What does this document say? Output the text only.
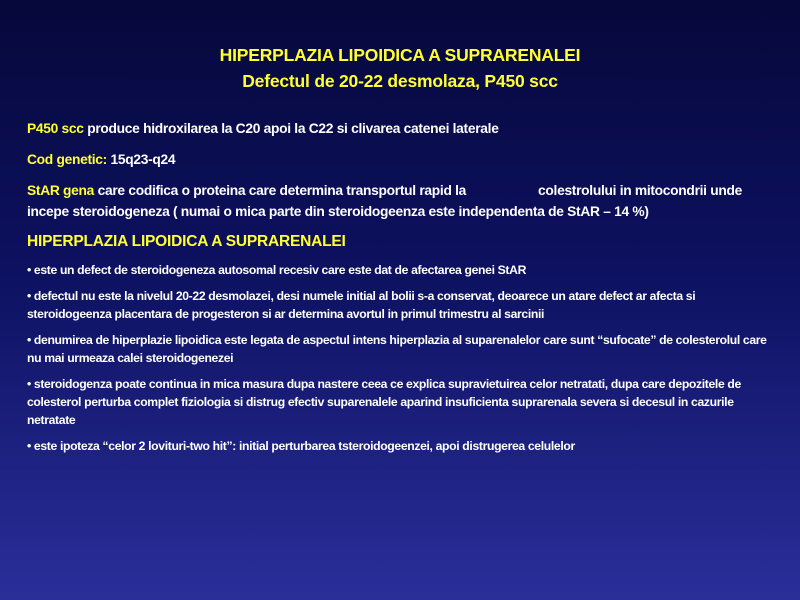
HIPERPLAZIA LIPOIDICA A SUPRARENALEI
Defectul de 20-22 desmolaza, P450 scc

P450 scc produce hidroxilarea la C20 apoi la C22 si clivarea catenei laterale

Cod genetic: 15q23-q24

StAR gena care codifica o proteina care determina transportul rapid la	colestrolului in mitocondrii unde incepe steroidogeneza ( numai o mica parte din steroidogeenza este independenta de StAR – 14 %)

HIPERPLAZIA LIPOIDICA A SUPRARENALEI

• este un defect de steroidogeneza autosomal recesiv care este dat de afectarea genei StAR

• defectul nu este la nivelul 20-22 desmolazei, desi numele initial al bolii s-a conservat, deoarece un atare defect ar afecta si steroidogeenza placentara de progesteron si ar determina avortul in primul trimestru al sarcinii

• denumirea de hiperplazie lipoidica este legata de aspectul intens hiperplazia al suparenalelor care sunt “sufocate” de colesterolul care nu mai urmeaza calei steroidogenezei

• steroidogenza poate continua in mica masura dupa nastere ceea ce explica supravietuirea celor netratati, dupa care depozitele de colesterol perturba complet fiziologia si distrug efectiv suparenalele aparind insuficienta suprarenala severa si decesul in cazurile netratate

• este ipoteza “celor 2 lovituri-two hit”: initial perturbarea tsteroidogeenzei, apoi distrugerea celulelor
